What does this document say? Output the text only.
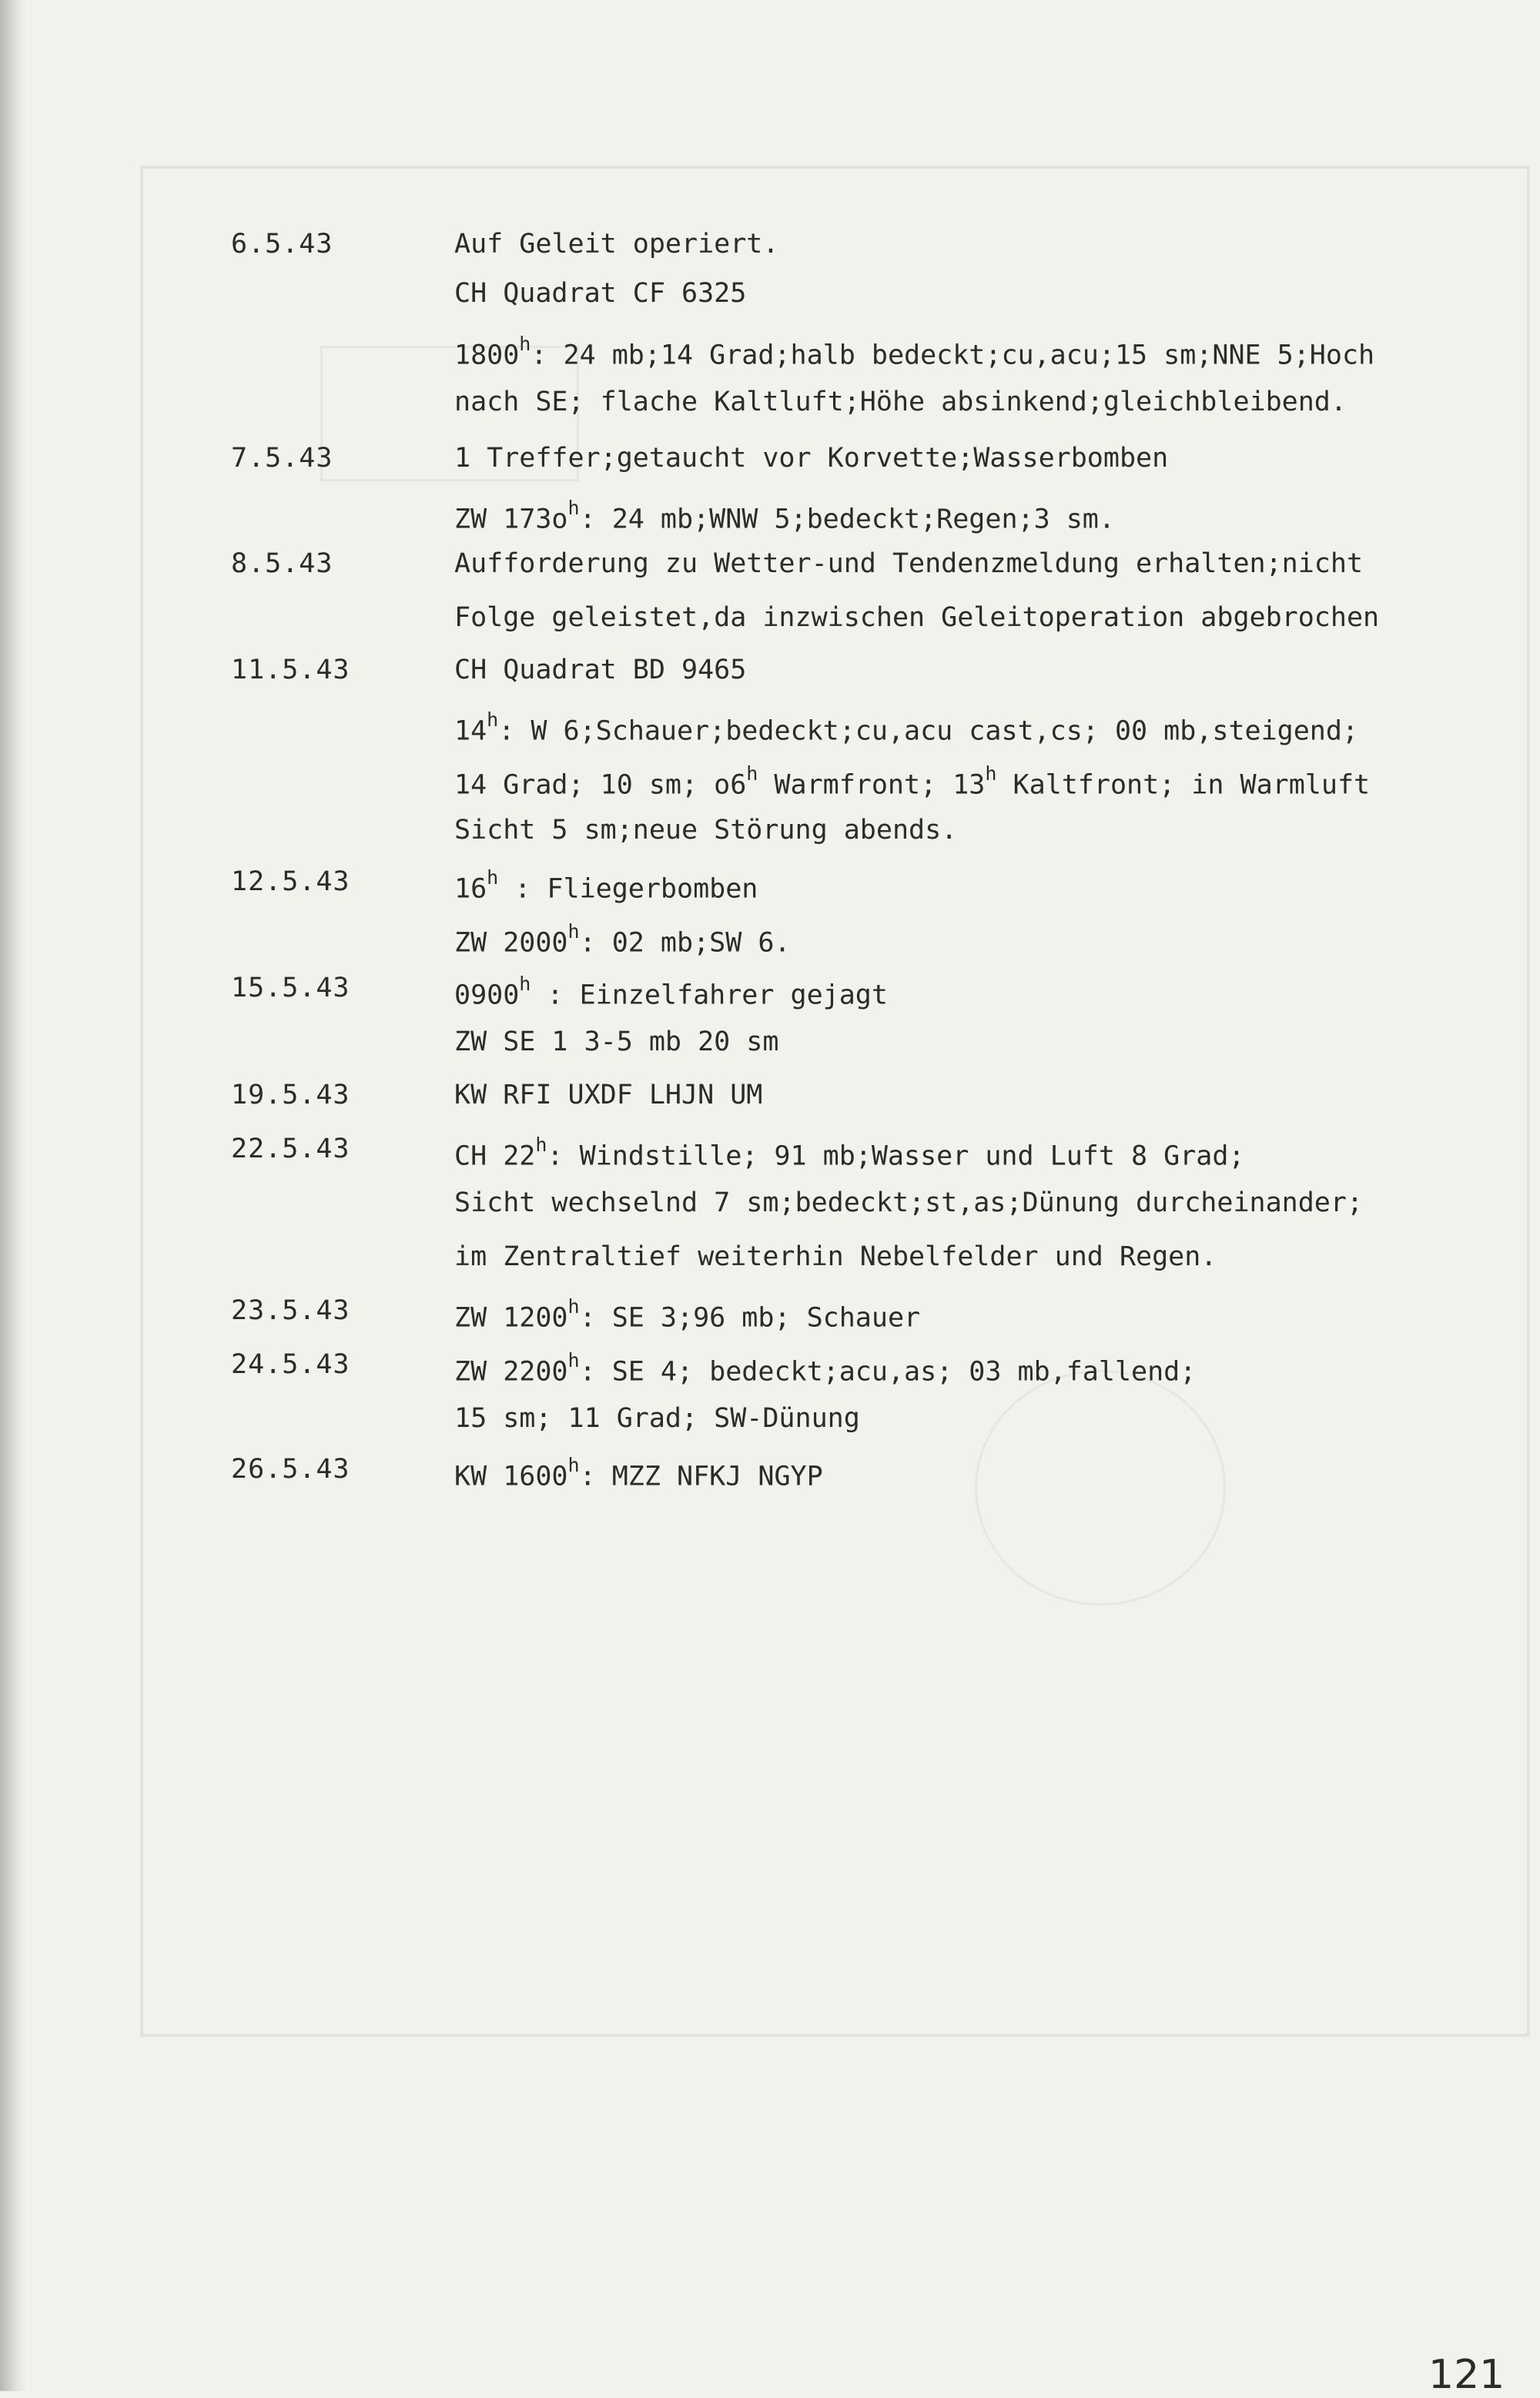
6.5.43	Auf Geleit operiert.
CH Quadrat CF 6325
1800$^h$: 24 mb;14 Grad;halb bedeckt;cu,acu;15 sm;NNE 5;Hoch
nach SE; flache Kaltluft;Höhe absinkend;gleichbleibend.
7.5.43	1 Treffer;getaucht vor Korvette;Wasserbomben
ZW $173o^h$: 24 mb;WNW 5;bedeckt;Regen;3 sm.
8.5.43	Aufforderung zu Wetter-und Tendenzmeldung erhalten;nicht
Folge geleistet,da inzwischen Geleitoperation abgebrochen
11.5.43	CH Quadrat BD 9465
14$^h$: W 6;Schauer;bedeckt;cu,acu cast,cs; 00 mb,steigend;
14 Grad; 10 sm; o6$^h$ Warmfront; 13$^h$ Kaltfront; in Warmluft
Sicht 5 sm;neue Störung abends.
12.5.43	16$^h$ : Fliegerbomben
ZW 2000$^h$: 02 mb;SW 6.
15.5.43	0900$^h$ : Einzelfahrer gejagt
ZW SE 1 3-5 mb 20 sm
19.5.43	KW RFI UXDF LHJN UM
22.5.43	CH 22$^h$: Windstille; 91 mb;Wasser und Luft 8 Grad;
Sicht wechselnd 7 sm;bedeckt;st,as;Dünung durcheinander;
im Zentraltief weiterhin Nebelfelder und Regen.
23.5.43	ZW 1200$^h$: SE 3;96 mb; Schauer
24.5.43	ZW 2200$^h$: SE 4; bedeckt;acu,as; 03 mb,fallend;
15 sm; 11 Grad; SW-Dünung
26.5.43	KW 1600$^h$: MZZ NFKJ NGYP
121
